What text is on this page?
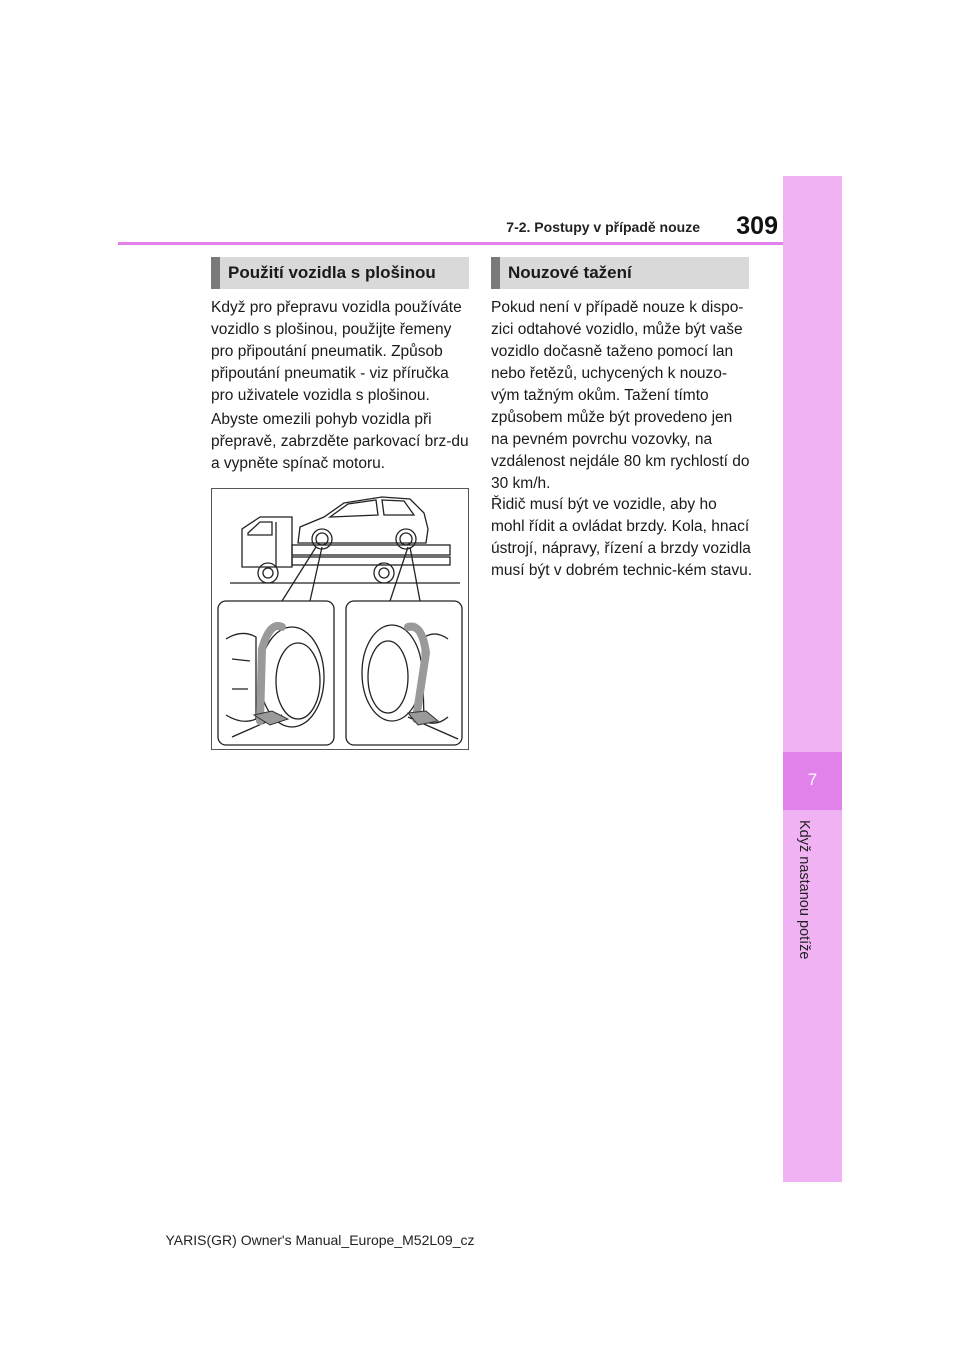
7
Když nastanou potíže
7-2. Postupy v případě nouze	309
Použití vozidla s plošinou

Když pro přepravu vozidla používáte vozidlo s plošinou, použijte řemeny pro připoutání pneumatik. Způsob připoutání pneumatik - viz příručka pro uživatele vozidla s plošinou.

Abyste omezili pohyb vozidla při přepravě, zabrzděte parkovací brz-du a vypněte spínač motoru.

Nouzové tažení

Pokud není v případě nouze k dispo-zici odtahové vozidlo, může být vaše vozidlo dočasně taženo pomocí lan nebo řetězů, uchycených k nouzo-vým tažným okům. Tažení tímto způsobem může být provedeno jen na pevném povrchu vozovky, na vzdálenost nejdále 80 km rychlostí do 30 km/h.

Řidič musí být ve vozidle, aby ho mohl řídit a ovládat brzdy. Kola, hnací ústrojí, nápravy, řízení a brzdy vozidla musí být v dobrém technic-kém stavu.

YARIS(GR) Owner's Manual_Europe_M52L09_cz
